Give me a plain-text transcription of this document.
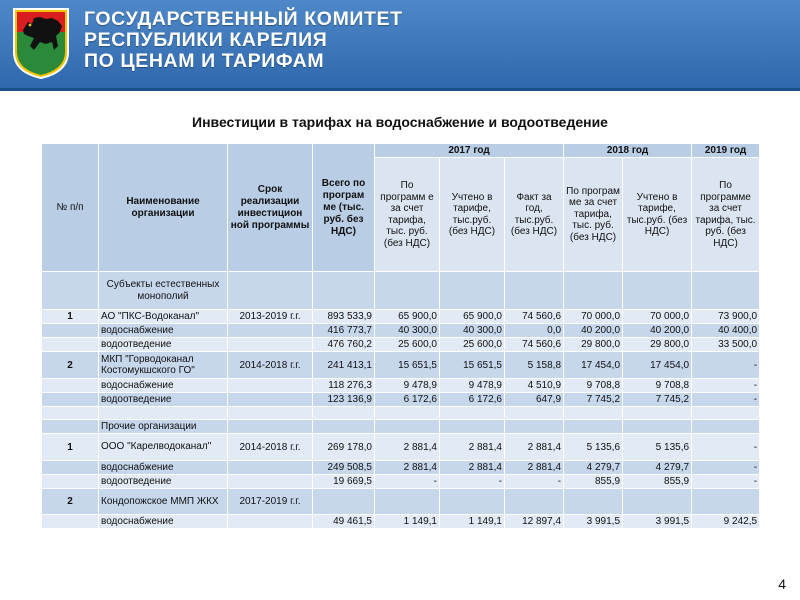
ГОСУДАРСТВЕННЫЙ КОМИТЕТ
РЕСПУБЛИКИ КАРЕЛИЯ
ПО ЦЕНАМ И ТАРИФАМ
Инвестиции в тарифах на водоснабжение и водоотведение
№ п/п	Наименование организации	Срок реализации инвестицион ной программы	Всего по програм ме (тыс. руб. без НДС)	2017 год			2018 год		2019 год
				По программ е за счет тарифа, тыс. руб. (без НДС)	Учтено в тарифе, тыс.руб. (без НДС)	Факт за год, тыс.руб. (без НДС)	По програм ме за счет тарифа, тыс. руб. (без НДС)	Учтено в тарифе, тыс.руб. (без НДС)	По программе за счет тарифа, тыс. руб. (без НДС)
	Субъекты естественных монополий								
1	АО "ПКС-Водоканал"	2013-2019 г.г.	893 533,9	65 900,0	65 900,0	74 560,6	70 000,0	70 000,0	73 900,0
	водоснабжение		416 773,7	40 300,0	40 300,0	0,0	40 200,0	40 200,0	40 400,0
	водоотведение		476 760,2	25 600,0	25 600,0	74 560,6	29 800,0	29 800,0	33 500,0
2	МКП "Горводоканал Костомукшского ГО"	2014-2018 г.г.	241 413,1	15 651,5	15 651,5	5 158,8	17 454,0	17 454,0	-
	водоснабжение		118 276,3	9 478,9	9 478,9	4 510,9	9 708,8	9 708,8	-
	водоотведение		123 136,9	6 172,6	6 172,6	647,9	7 745,2	7 745,2	-

	Прочие организации								
1	ООО "Карелводоканал"	2014-2018 г.г.	269 178,0	2 881,4	2 881,4	2 881,4	5 135,6	5 135,6	-
	водоснабжение		249 508,5	2 881,4	2 881,4	2 881,4	4 279,7	4 279,7	-
	водоотведение		19 669,5	-	-	-	855,9	855,9	-
2	Кондопожское ММП ЖКХ	2017-2019 г.г.							
	водоснабжение		49 461,5	1 149,1	1 149,1	12 897,4	3 991,5	3 991,5	9 242,5
4
